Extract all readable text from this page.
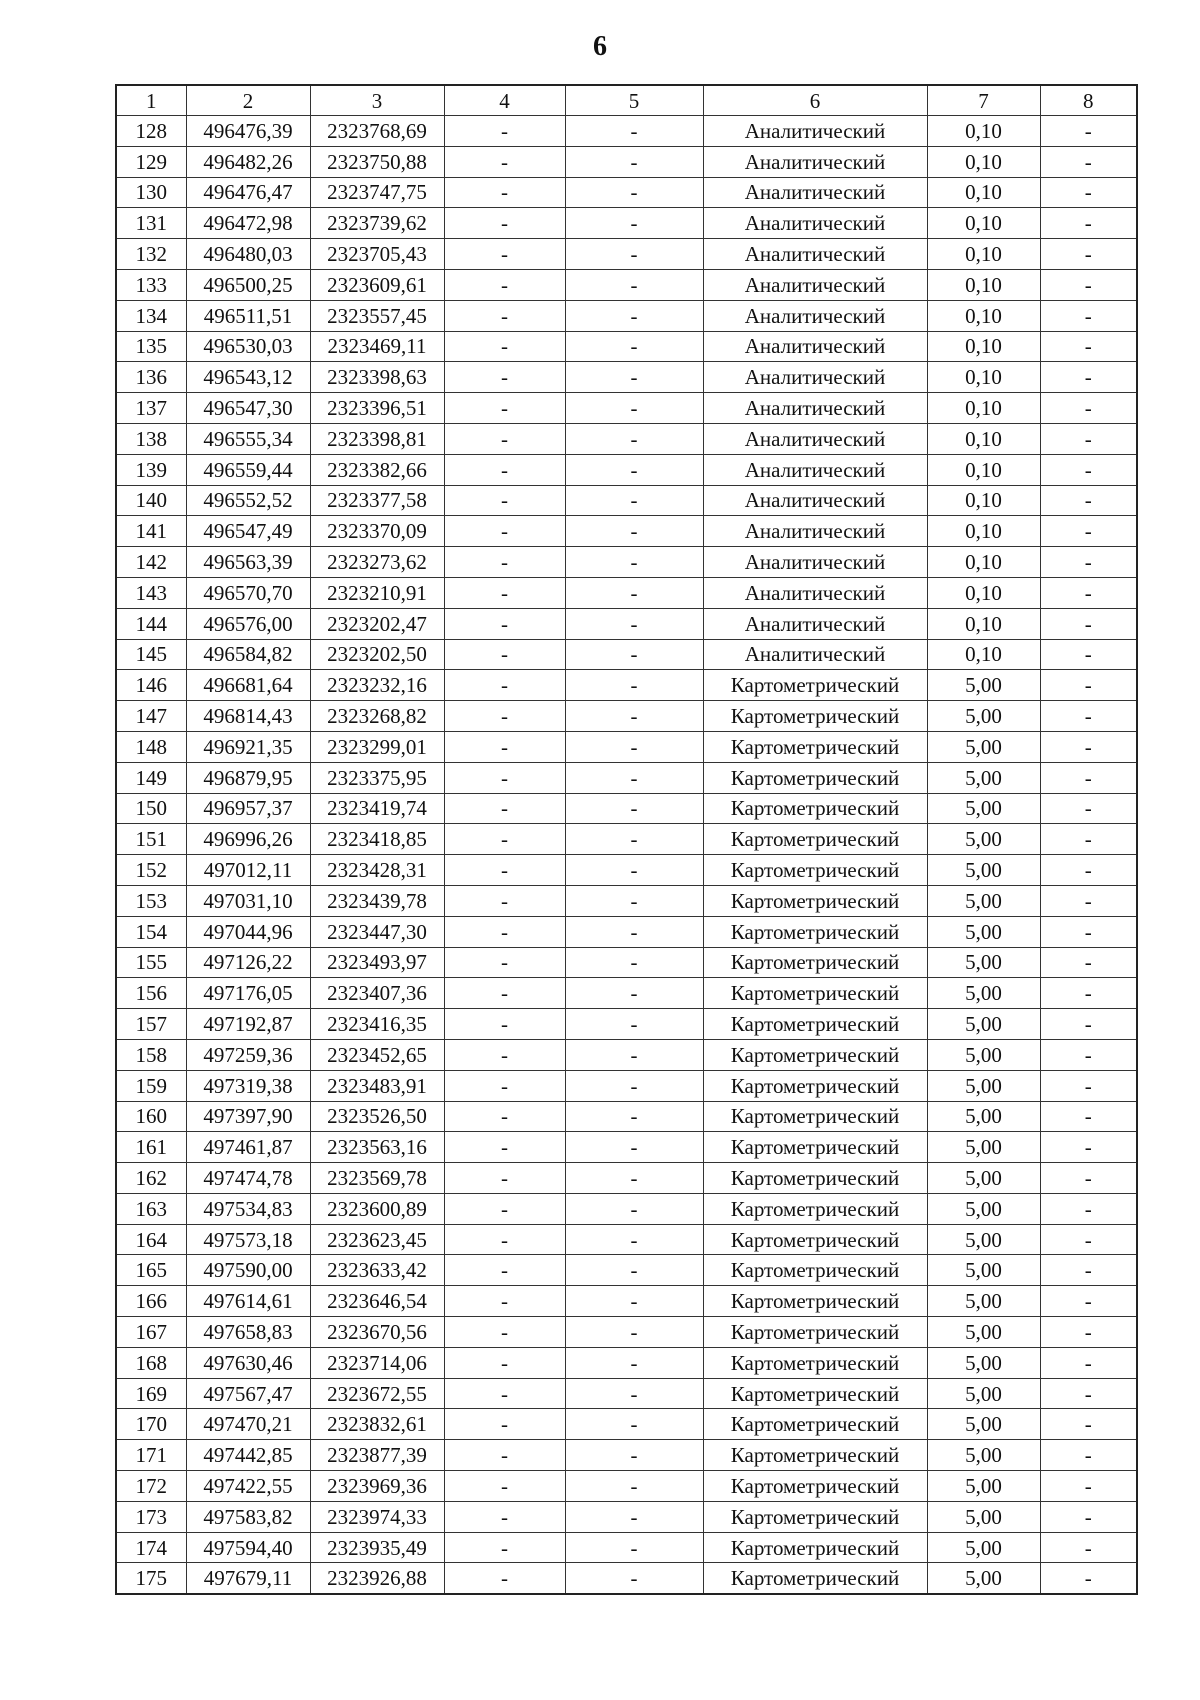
6
1	2	3	4	5	6	7	8
128	496476,39	2323768,69	-	-	Аналитический	0,10	-
129	496482,26	2323750,88	-	-	Аналитический	0,10	-
130	496476,47	2323747,75	-	-	Аналитический	0,10	-
131	496472,98	2323739,62	-	-	Аналитический	0,10	-
132	496480,03	2323705,43	-	-	Аналитический	0,10	-
133	496500,25	2323609,61	-	-	Аналитический	0,10	-
134	496511,51	2323557,45	-	-	Аналитический	0,10	-
135	496530,03	2323469,11	-	-	Аналитический	0,10	-
136	496543,12	2323398,63	-	-	Аналитический	0,10	-
137	496547,30	2323396,51	-	-	Аналитический	0,10	-
138	496555,34	2323398,81	-	-	Аналитический	0,10	-
139	496559,44	2323382,66	-	-	Аналитический	0,10	-
140	496552,52	2323377,58	-	-	Аналитический	0,10	-
141	496547,49	2323370,09	-	-	Аналитический	0,10	-
142	496563,39	2323273,62	-	-	Аналитический	0,10	-
143	496570,70	2323210,91	-	-	Аналитический	0,10	-
144	496576,00	2323202,47	-	-	Аналитический	0,10	-
145	496584,82	2323202,50	-	-	Аналитический	0,10	-
146	496681,64	2323232,16	-	-	Картометрический	5,00	-
147	496814,43	2323268,82	-	-	Картометрический	5,00	-
148	496921,35	2323299,01	-	-	Картометрический	5,00	-
149	496879,95	2323375,95	-	-	Картометрический	5,00	-
150	496957,37	2323419,74	-	-	Картометрический	5,00	-
151	496996,26	2323418,85	-	-	Картометрический	5,00	-
152	497012,11	2323428,31	-	-	Картометрический	5,00	-
153	497031,10	2323439,78	-	-	Картометрический	5,00	-
154	497044,96	2323447,30	-	-	Картометрический	5,00	-
155	497126,22	2323493,97	-	-	Картометрический	5,00	-
156	497176,05	2323407,36	-	-	Картометрический	5,00	-
157	497192,87	2323416,35	-	-	Картометрический	5,00	-
158	497259,36	2323452,65	-	-	Картометрический	5,00	-
159	497319,38	2323483,91	-	-	Картометрический	5,00	-
160	497397,90	2323526,50	-	-	Картометрический	5,00	-
161	497461,87	2323563,16	-	-	Картометрический	5,00	-
162	497474,78	2323569,78	-	-	Картометрический	5,00	-
163	497534,83	2323600,89	-	-	Картометрический	5,00	-
164	497573,18	2323623,45	-	-	Картометрический	5,00	-
165	497590,00	2323633,42	-	-	Картометрический	5,00	-
166	497614,61	2323646,54	-	-	Картометрический	5,00	-
167	497658,83	2323670,56	-	-	Картометрический	5,00	-
168	497630,46	2323714,06	-	-	Картометрический	5,00	-
169	497567,47	2323672,55	-	-	Картометрический	5,00	-
170	497470,21	2323832,61	-	-	Картометрический	5,00	-
171	497442,85	2323877,39	-	-	Картометрический	5,00	-
172	497422,55	2323969,36	-	-	Картометрический	5,00	-
173	497583,82	2323974,33	-	-	Картометрический	5,00	-
174	497594,40	2323935,49	-	-	Картометрический	5,00	-
175	497679,11	2323926,88	-	-	Картометрический	5,00	-
